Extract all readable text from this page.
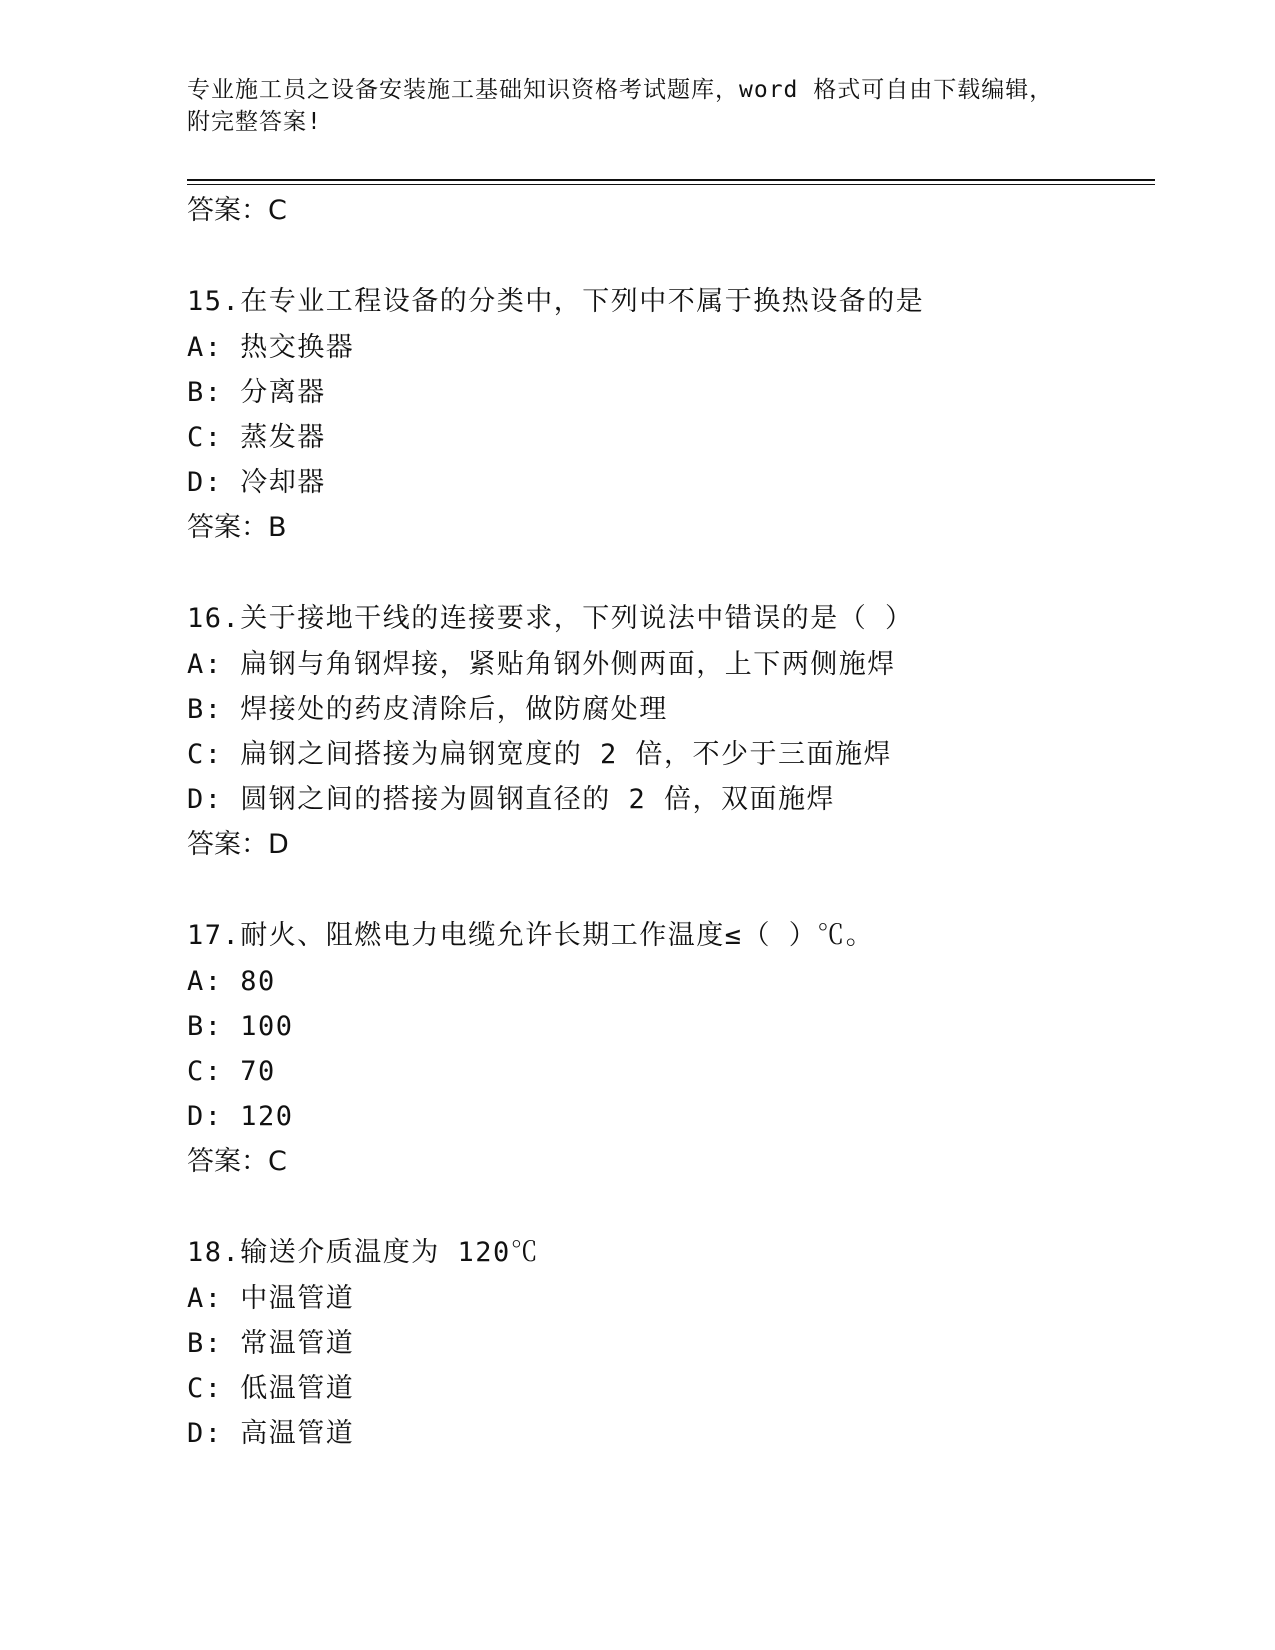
专业施工员之设备安装施工基础知识资格考试题库，word 格式可自由下载编辑，
附完整答案!
答案：C
15.在专业工程设备的分类中，下列中不属于换热设备的是
A: 热交换器
B: 分离器
C: 蒸发器
D: 冷却器
答案：B
16.关于接地干线的连接要求，下列说法中错误的是（ ）
A: 扁钢与角钢焊接，紧贴角钢外侧两面，上下两侧施焊
B: 焊接处的药皮清除后，做防腐处理
C: 扁钢之间搭接为扁钢宽度的 2 倍，不少于三面施焊
D: 圆钢之间的搭接为圆钢直径的 2 倍，双面施焊
答案：D
17.耐火、阻燃电力电缆允许长期工作温度≤（ ）℃。
A: 80
B: 100
C: 70
D: 120
答案：C
18.输送介质温度为 120℃
A: 中温管道
B: 常温管道
C: 低温管道
D: 高温管道
